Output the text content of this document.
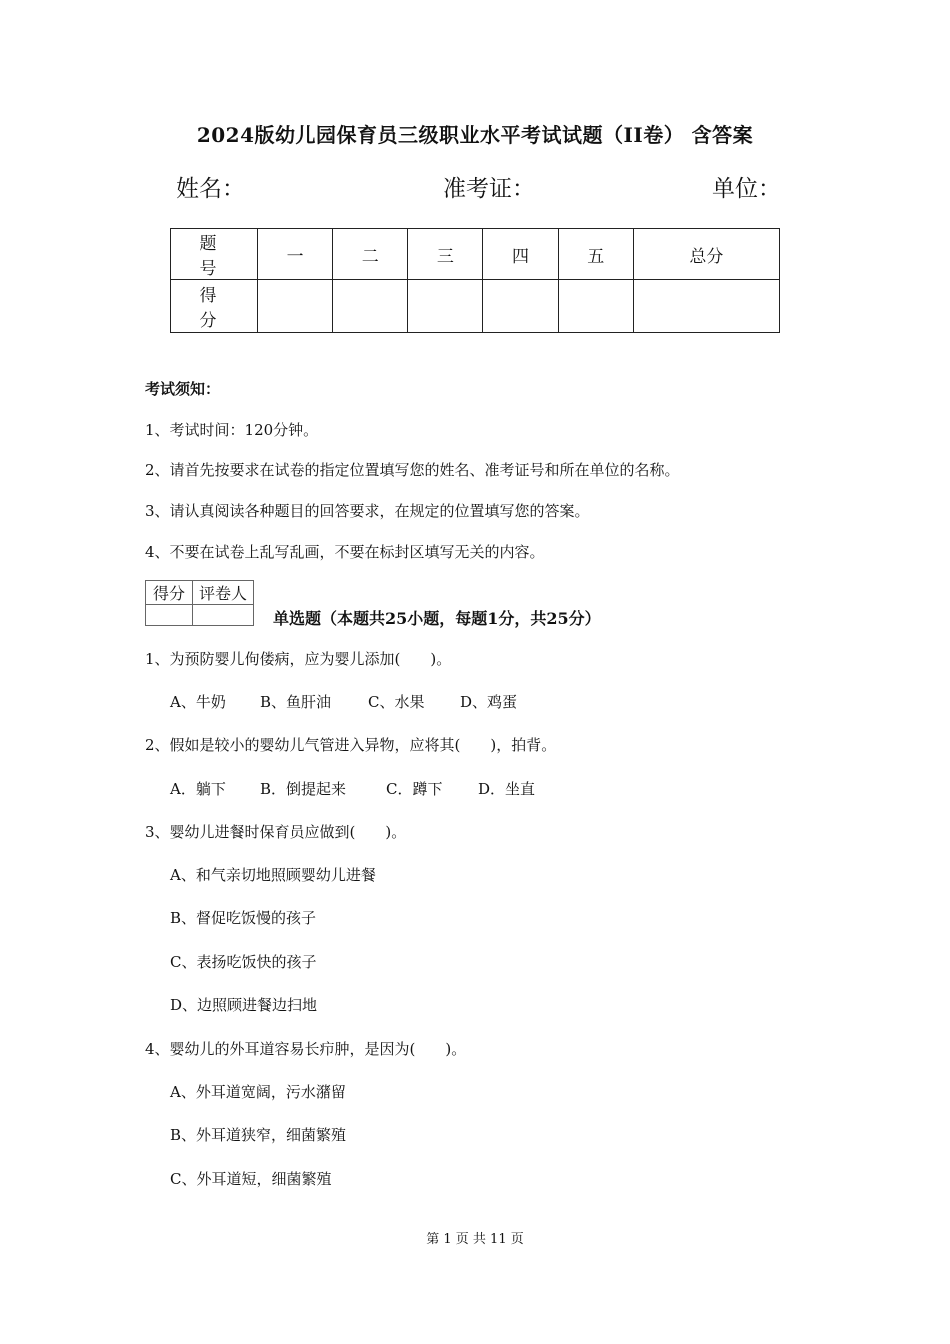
2024版幼儿园保育员三级职业水平考试试题（II卷） 含答案
姓名：	准考证：	单位：
题　号	一	二	三	四	五	总分
得　分						
考试须知：
1、考试时间：120分钟。
2、请首先按要求在试卷的指定位置填写您的姓名、准考证号和所在单位的名称。
3、请认真阅读各种题目的回答要求，在规定的位置填写您的答案。
4、不要在试卷上乱写乱画，不要在标封区填写无关的内容。
得分	评卷人

单选题（本题共25小题，每题1分，共25分）
1、为预防婴儿佝偻病，应为婴儿添加(　　)。
A、牛奶 B、鱼肝油 C、水果 D、鸡蛋
2、假如是较小的婴幼儿气管进入异物，应将其(　　)，拍背。
A．躺下 B．倒提起来	C．蹲下 D．坐直
3、婴幼儿进餐时保育员应做到(　　)。
A、和气亲切地照顾婴幼儿进餐
B、督促吃饭慢的孩子
C、表扬吃饭快的孩子
D、边照顾进餐边扫地
4、婴幼儿的外耳道容易长疖肿，是因为(　　)。
A、外耳道宽阔，污水潴留
B、外耳道狭窄，细菌繁殖
C、外耳道短，细菌繁殖
第 1 页 共 11 页
